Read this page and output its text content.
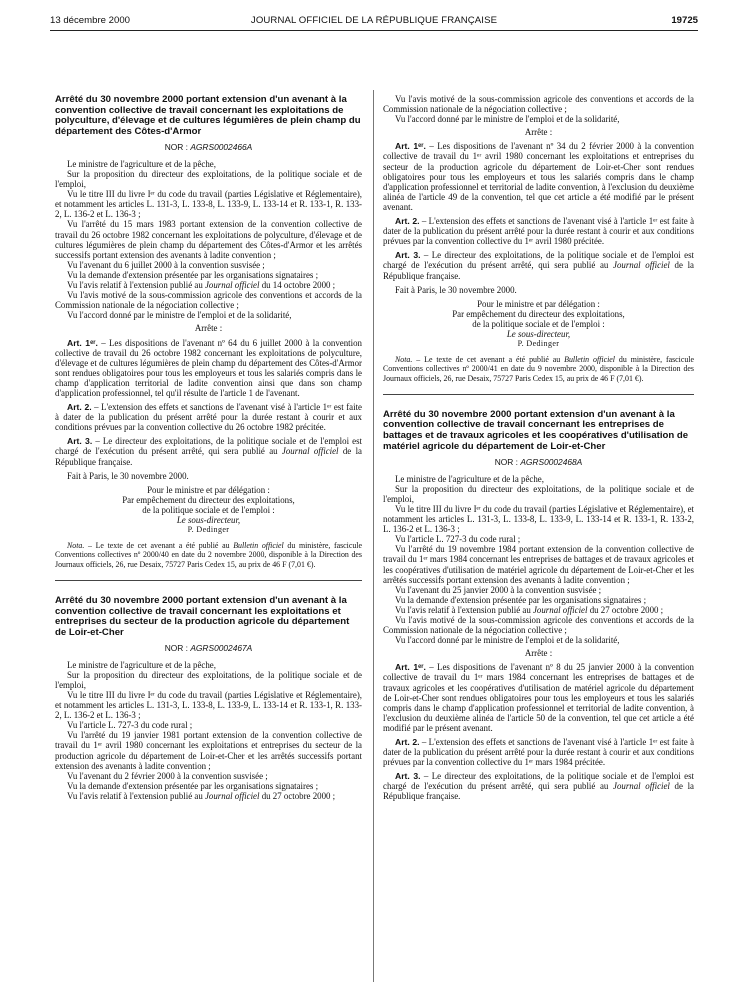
13 décembre 2000	JOURNAL OFFICIEL DE LA RÉPUBLIQUE FRANÇAISE	19725
Arrêté du 30 novembre 2000 portant extension d'un avenant à la convention collective de travail concernant les exploitations de polyculture, d'élevage et de cultures légumières de plein champ du département des Côtes-d'Armor
NOR : AGRS0002466A

Le ministre de l'agriculture et de la pêche,

Sur la proposition du directeur des exploitations, de la politique sociale et de l'emploi,

Vu le titre III du livre Iᵉʳ du code du travail (parties Législative et Réglementaire), et notamment les articles L. 131-3, L. 133-8, L. 133-9, L. 133-14 et R. 133-1, R. 133-2, L. 136-2 et L. 136-3 ;

Vu l'arrêté du 15 mars 1983 portant extension de la convention collective de travail du 26 octobre 1982 concernant les exploitations de polyculture, d'élevage et de cultures légumières de plein champ du département des Côtes-d'Armor et les arrêtés successifs portant extension des avenants à ladite convention ;

Vu l'avenant du 6 juillet 2000 à la convention susvisée ;

Vu la demande d'extension présentée par les organisations signataires ;

Vu l'avis relatif à l'extension publié au Journal officiel du 14 octobre 2000 ;

Vu l'avis motivé de la sous-commission agricole des conventions et accords de la Commission nationale de la négociation collective ;

Vu l'accord donné par le ministre de l'emploi et de la solidarité,

Arrête :

Art. 1ᵉʳ. – Les dispositions de l'avenant nº 64 du 6 juillet 2000 à la convention collective de travail du 26 octobre 1982 concernant les exploitations de polyculture, d'élevage et de cultures légumières de plein champ du département des Côtes-d'Armor sont rendues obligatoires pour tous les employeurs et tous les salariés compris dans le champ d'application territorial de ladite convention ainsi que dans son champ d'application professionnel, tel qu'il résulte de l'article 1 de l'avenant.

Art. 2. – L'extension des effets et sanctions de l'avenant visé à l'article 1ᵉʳ est faite à dater de la publication du présent arrêté pour la durée restant à courir et aux conditions prévues par la convention collective du 26 octobre 1982 précitée.

Art. 3. – Le directeur des exploitations, de la politique sociale et de l'emploi est chargé de l'exécution du présent arrêté, qui sera publié au Journal officiel de la République française.

Fait à Paris, le 30 novembre 2000.

Pour le ministre et par délégation :

Par empêchement du directeur des exploitations,

de la politique sociale et de l'emploi :

Le sous-directeur,

P. Dedinger

Nota. – Le texte de cet avenant a été publié au Bulletin officiel du ministère, fascicule Conventions collectives nº 2000/40 en date du 2 novembre 2000, disponible à la Direction des Journaux officiels, 26, rue Desaix, 75727 Paris Cedex 15, au prix de 46 F (7,01 €).

Arrêté du 30 novembre 2000 portant extension d'un avenant à la convention collective de travail concernant les exploitations et entreprises du secteur de la production agricole du département de Loir-et-Cher
NOR : AGRS0002467A

Le ministre de l'agriculture et de la pêche,

Sur la proposition du directeur des exploitations, de la politique sociale et de l'emploi,

Vu le titre III du livre Iᵉʳ du code du travail (parties Législative et Réglementaire), et notamment les articles L. 131-3, L. 133-8, L. 133-9, L. 133-14 et R. 133-1, R. 133-2, L. 136-2 et L. 136-3 ;

Vu l'article L. 727-3 du code rural ;

Vu l'arrêté du 19 janvier 1981 portant extension de la convention collective de travail du 1ᵉʳ avril 1980 concernant les exploitations et entreprises du secteur de la production agricole du département de Loir-et-Cher et les arrêtés successifs portant extension des avenants à ladite convention ;

Vu l'avenant du 2 février 2000 à la convention susvisée ;

Vu la demande d'extension présentée par les organisations signataires ;

Vu l'avis relatif à l'extension publié au Journal officiel du 27 octobre 2000 ;

Vu l'avis motivé de la sous-commission agricole des conventions et accords de la Commission nationale de la négociation collective ;

Vu l'accord donné par le ministre de l'emploi et de la solidarité,

Arrête :

Art. 1ᵉʳ. – Les dispositions de l'avenant nº 34 du 2 février 2000 à la convention collective de travail du 1ᵉʳ avril 1980 concernant les exploitations et entreprises du secteur de la production agricole du département de Loir-et-Cher sont rendues obligatoires pour tous les employeurs et tous les salariés compris dans le champ d'application professionnel et territorial de ladite convention, à l'exclusion du deuxième alinéa de l'article 49 de la convention, tel que cet article a été modifié par le présent avenant.

Art. 2. – L'extension des effets et sanctions de l'avenant visé à l'article 1ᵉʳ est faite à dater de la publication du présent arrêté pour la durée restant à courir et aux conditions prévues par la convention collective du 1ᵉʳ avril 1980 précitée.

Art. 3. – Le directeur des exploitations, de la politique sociale et de l'emploi est chargé de l'exécution du présent arrêté, qui sera publié au Journal officiel de la République française.

Fait à Paris, le 30 novembre 2000.

Pour le ministre et par délégation :

Par empêchement du directeur des exploitations,

de la politique sociale et de l'emploi :

Le sous-directeur,

P. Dedinger

Nota. – Le texte de cet avenant a été publié au Bulletin officiel du ministère, fascicule Conventions collectives nº 2000/41 en date du 9 novembre 2000, disponible à la Direction des Journaux officiels, 26, rue Desaix, 75727 Paris Cedex 15, au prix de 46 F (7,01 €).

Arrêté du 30 novembre 2000 portant extension d'un avenant à la convention collective de travail concernant les entreprises de battages et de travaux agricoles et les coopératives d'utilisation de matériel agricole du département de Loir-et-Cher
NOR : AGRS0002468A

Le ministre de l'agriculture et de la pêche,

Sur la proposition du directeur des exploitations, de la politique sociale et de l'emploi,

Vu le titre III du livre Iᵉʳ du code du travail (parties Législative et Réglementaire), et notamment les articles L. 131-3, L. 133-8, L. 133-9, L. 133-14 et R. 133-1, R. 133-2, L. 136-2 et L. 136-3 ;

Vu l'article L. 727-3 du code rural ;

Vu l'arrêté du 19 novembre 1984 portant extension de la convention collective de travail du 1ᵉʳ mars 1984 concernant les entreprises de battages et de travaux agricoles et les coopératives d'utilisation de matériel agricole du département de Loir-et-Cher et les arrêtés successifs portant extension des avenants à ladite convention ;

Vu l'avenant du 25 janvier 2000 à la convention susvisée ;

Vu la demande d'extension présentée par les organisations signataires ;

Vu l'avis relatif à l'extension publié au Journal officiel du 27 octobre 2000 ;

Vu l'avis motivé de la sous-commission agricole des conventions et accords de la Commission nationale de la négociation collective ;

Vu l'accord donné par le ministre de l'emploi et de la solidarité,

Arrête :

Art. 1ᵉʳ. – Les dispositions de l'avenant nº 8 du 25 janvier 2000 à la convention collective de travail du 1ᵉʳ mars 1984 concernant les entreprises de battages et de travaux agricoles et les coopératives d'utilisation de matériel agricole du département de Loir-et-Cher sont rendues obligatoires pour tous les employeurs et tous les salariés compris dans le champ d'application professionnel et territorial de ladite convention, à l'exclusion du deuxième alinéa de l'article 50 de la convention, tel que cet article a été modifié par le présent avenant.

Art. 2. – L'extension des effets et sanctions de l'avenant visé à l'article 1ᵉʳ est faite à dater de la publication du présent arrêté pour la durée restant à courir et aux conditions prévues par la convention collective du 1ᵉʳ mars 1984 précitée.

Art. 3. – Le directeur des exploitations, de la politique sociale et de l'emploi est chargé de l'exécution du présent arrêté, qui sera publié au Journal officiel de la République française.
